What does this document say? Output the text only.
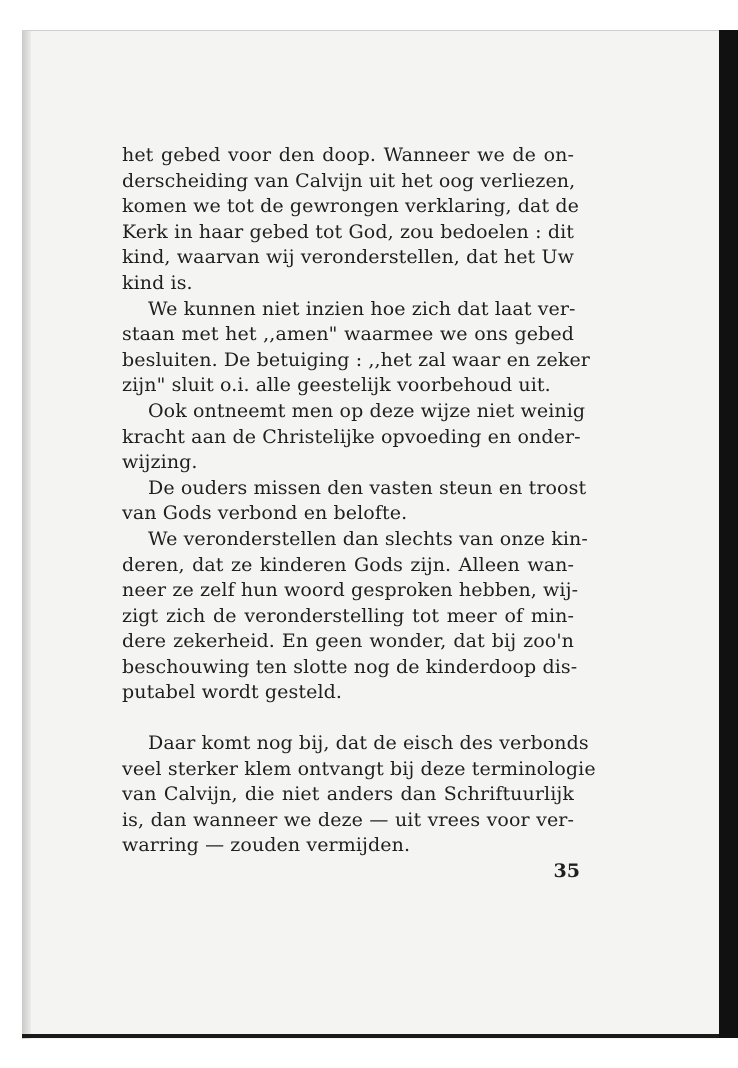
het gebed voor den doop. Wanneer we de on-
derscheiding van Calvijn uit het oog verliezen,
komen we tot de gewrongen verklaring, dat de
Kerk in haar gebed tot God, zou bedoelen : dit
kind, waarvan wij veronderstellen, dat het Uw
kind is.
We kunnen niet inzien hoe zich dat laat ver-
staan met het ,,amen" waarmee we ons gebed
besluiten. De betuiging : ,,het zal waar en zeker
zijn" sluit o.i. alle geestelijk voorbehoud uit.
Ook ontneemt men op deze wijze niet weinig
kracht aan de Christelijke opvoeding en onder-
wijzing.
De ouders missen den vasten steun en troost
van Gods verbond en belofte.
We veronderstellen dan slechts van onze kin-
deren, dat ze kinderen Gods zijn. Alleen wan-
neer ze zelf hun woord gesproken hebben, wij-
zigt zich de veronderstelling tot meer of min-
dere zekerheid. En geen wonder, dat bij zoo'n
beschouwing ten slotte nog de kinderdoop dis-
putabel wordt gesteld.
Daar komt nog bij, dat de eisch des verbonds
veel sterker klem ontvangt bij deze terminologie
van Calvijn, die niet anders dan Schriftuurlijk
is, dan wanneer we deze — uit vrees voor ver-
warring — zouden vermijden.
35
